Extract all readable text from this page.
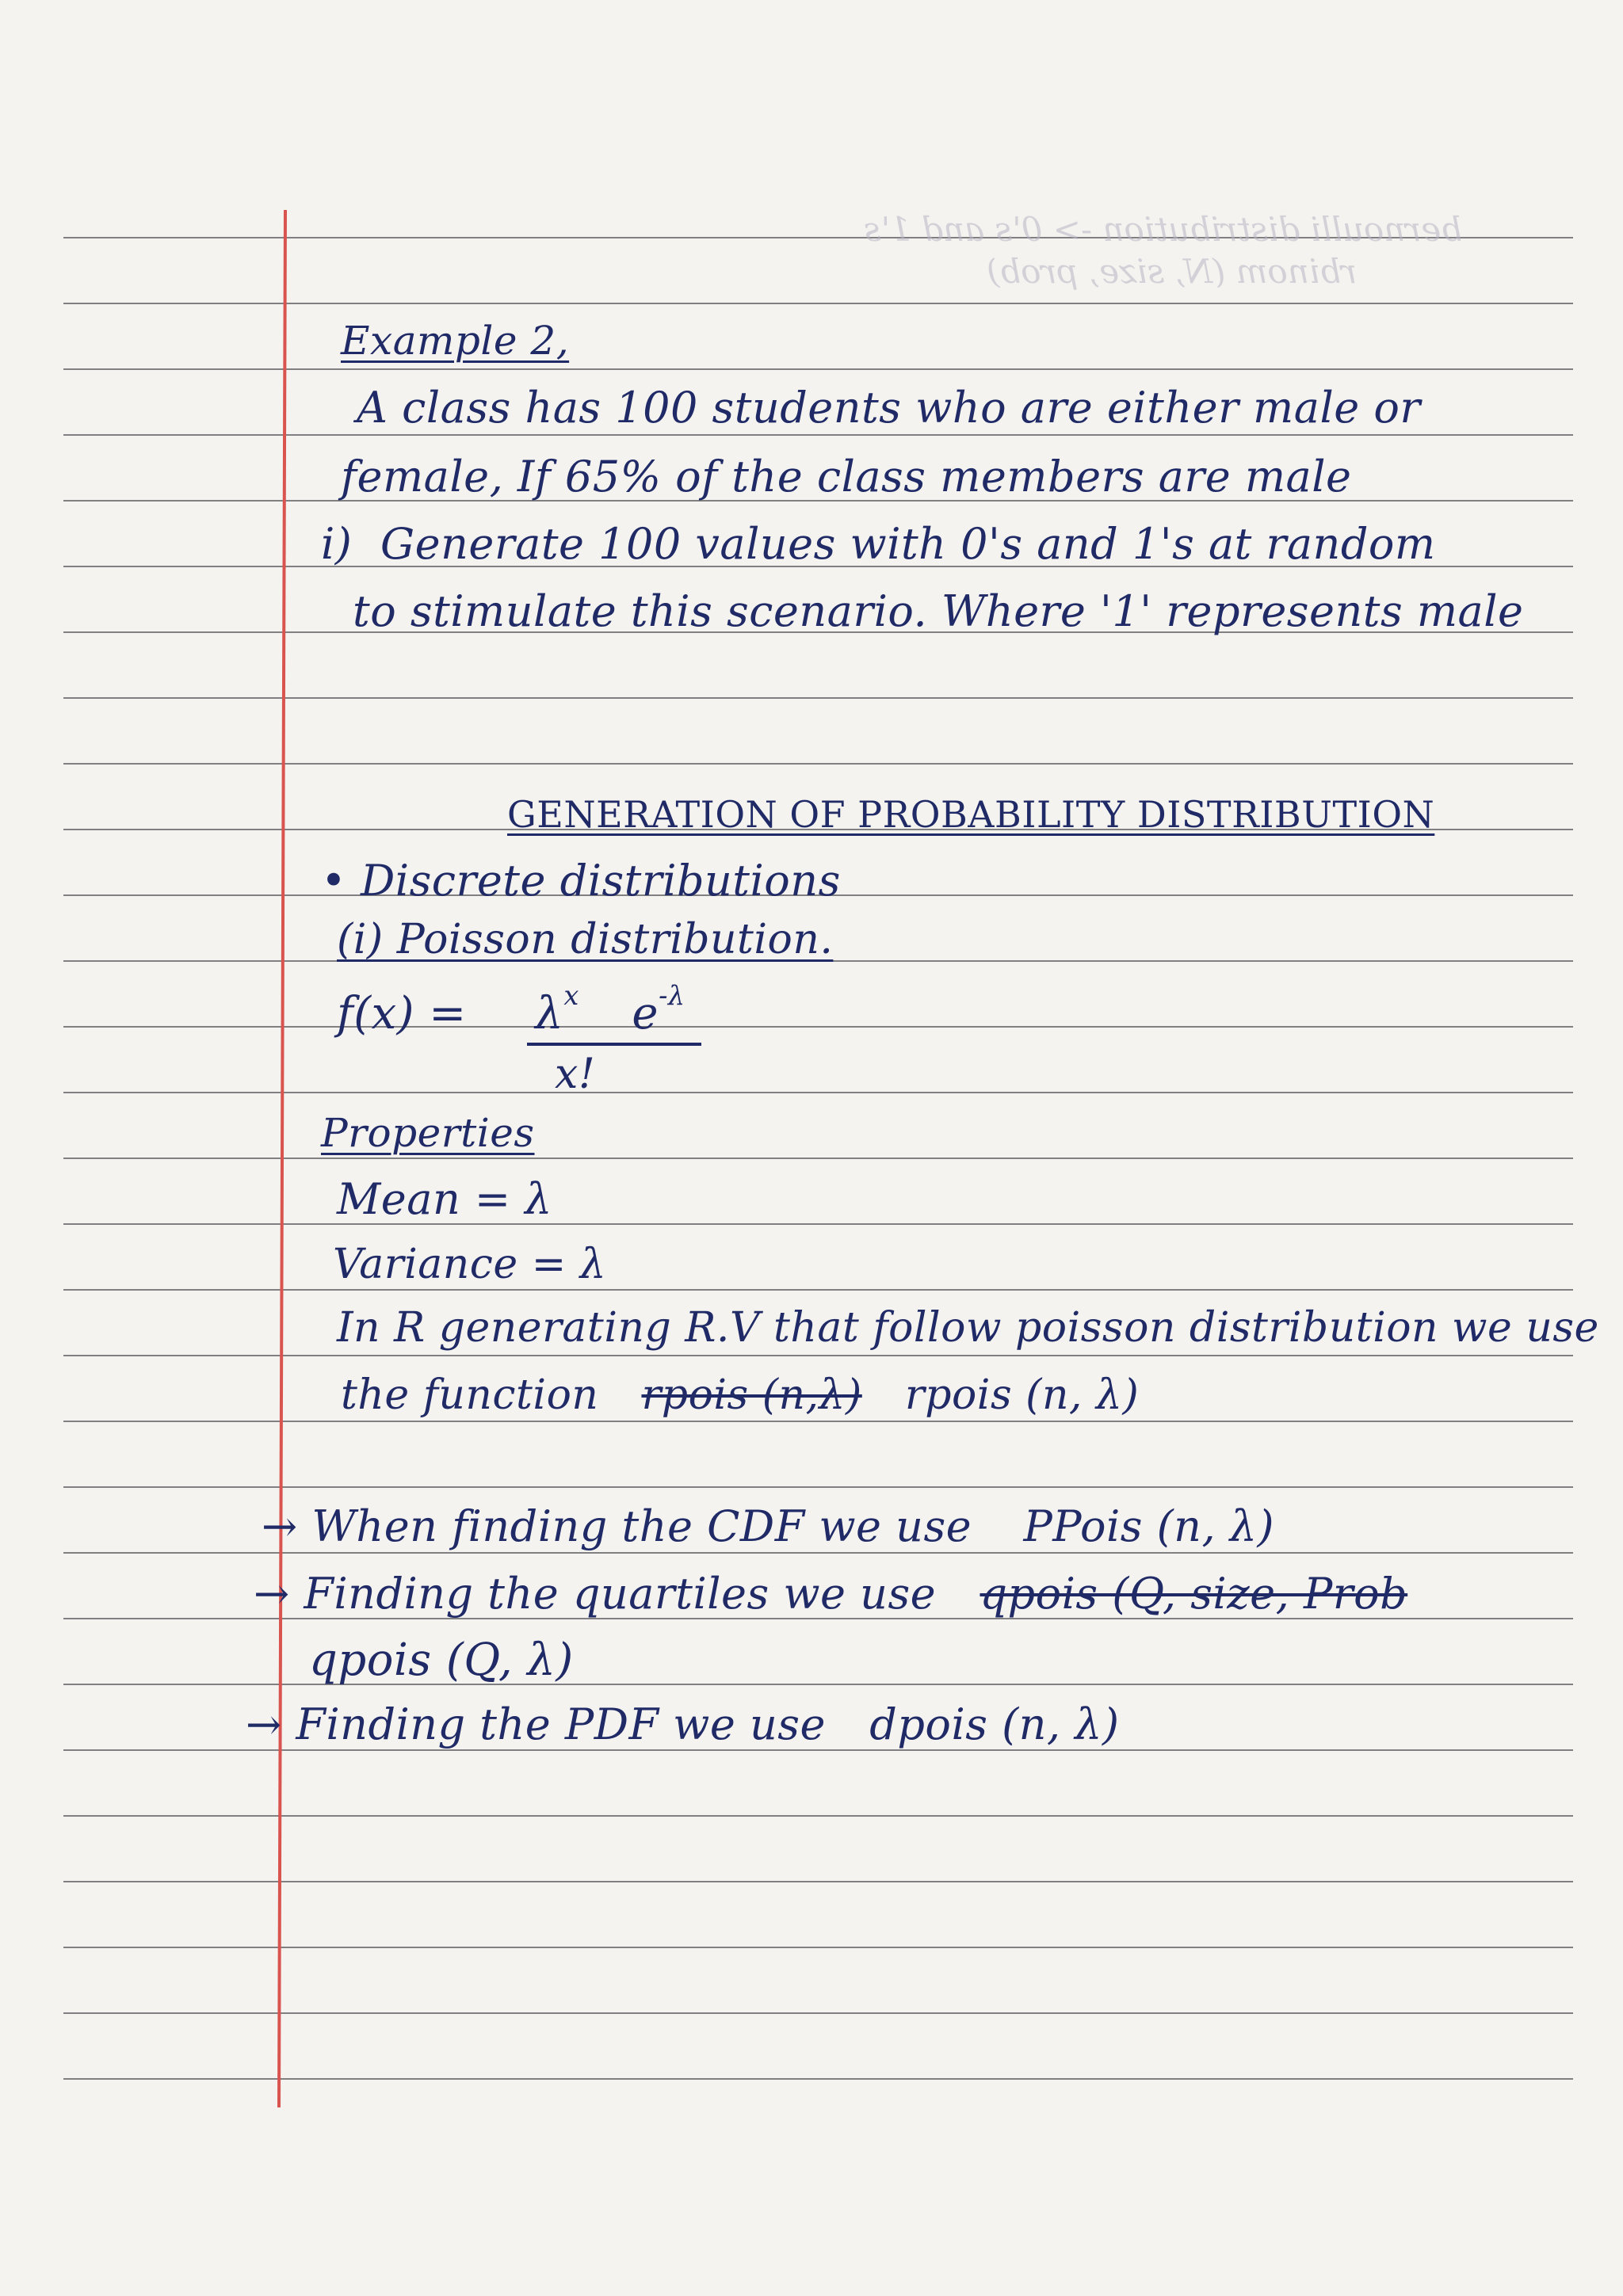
bernoulli distribution -> 0's and 1's
rbinom (N, size, prob)
Example 2,
A class has 100 students who are either male or
female, If 65% of the class members are male
i) Generate 100 values with 0's and 1's at random
to stimulate this scenario. Where '1' represents male
GENERATION OF PROBABILITY DISTRIBUTION
• Discrete distributions
(i) Poisson distribution.
$f(x) = \lambda^x$ $e^{-\lambda}$
x!
Properties
Mean = λ
Variance = λ
In R generating R.V that follow poisson distribution we use
the function rpois (n,λ) rpois (n, λ)
→ When finding the CDF we use PPois (n, λ)
→ Finding the quartiles we use qpois (Q, size, Prob
qpois (Q, λ)
→ Finding the PDF we use dpois (n, λ)
